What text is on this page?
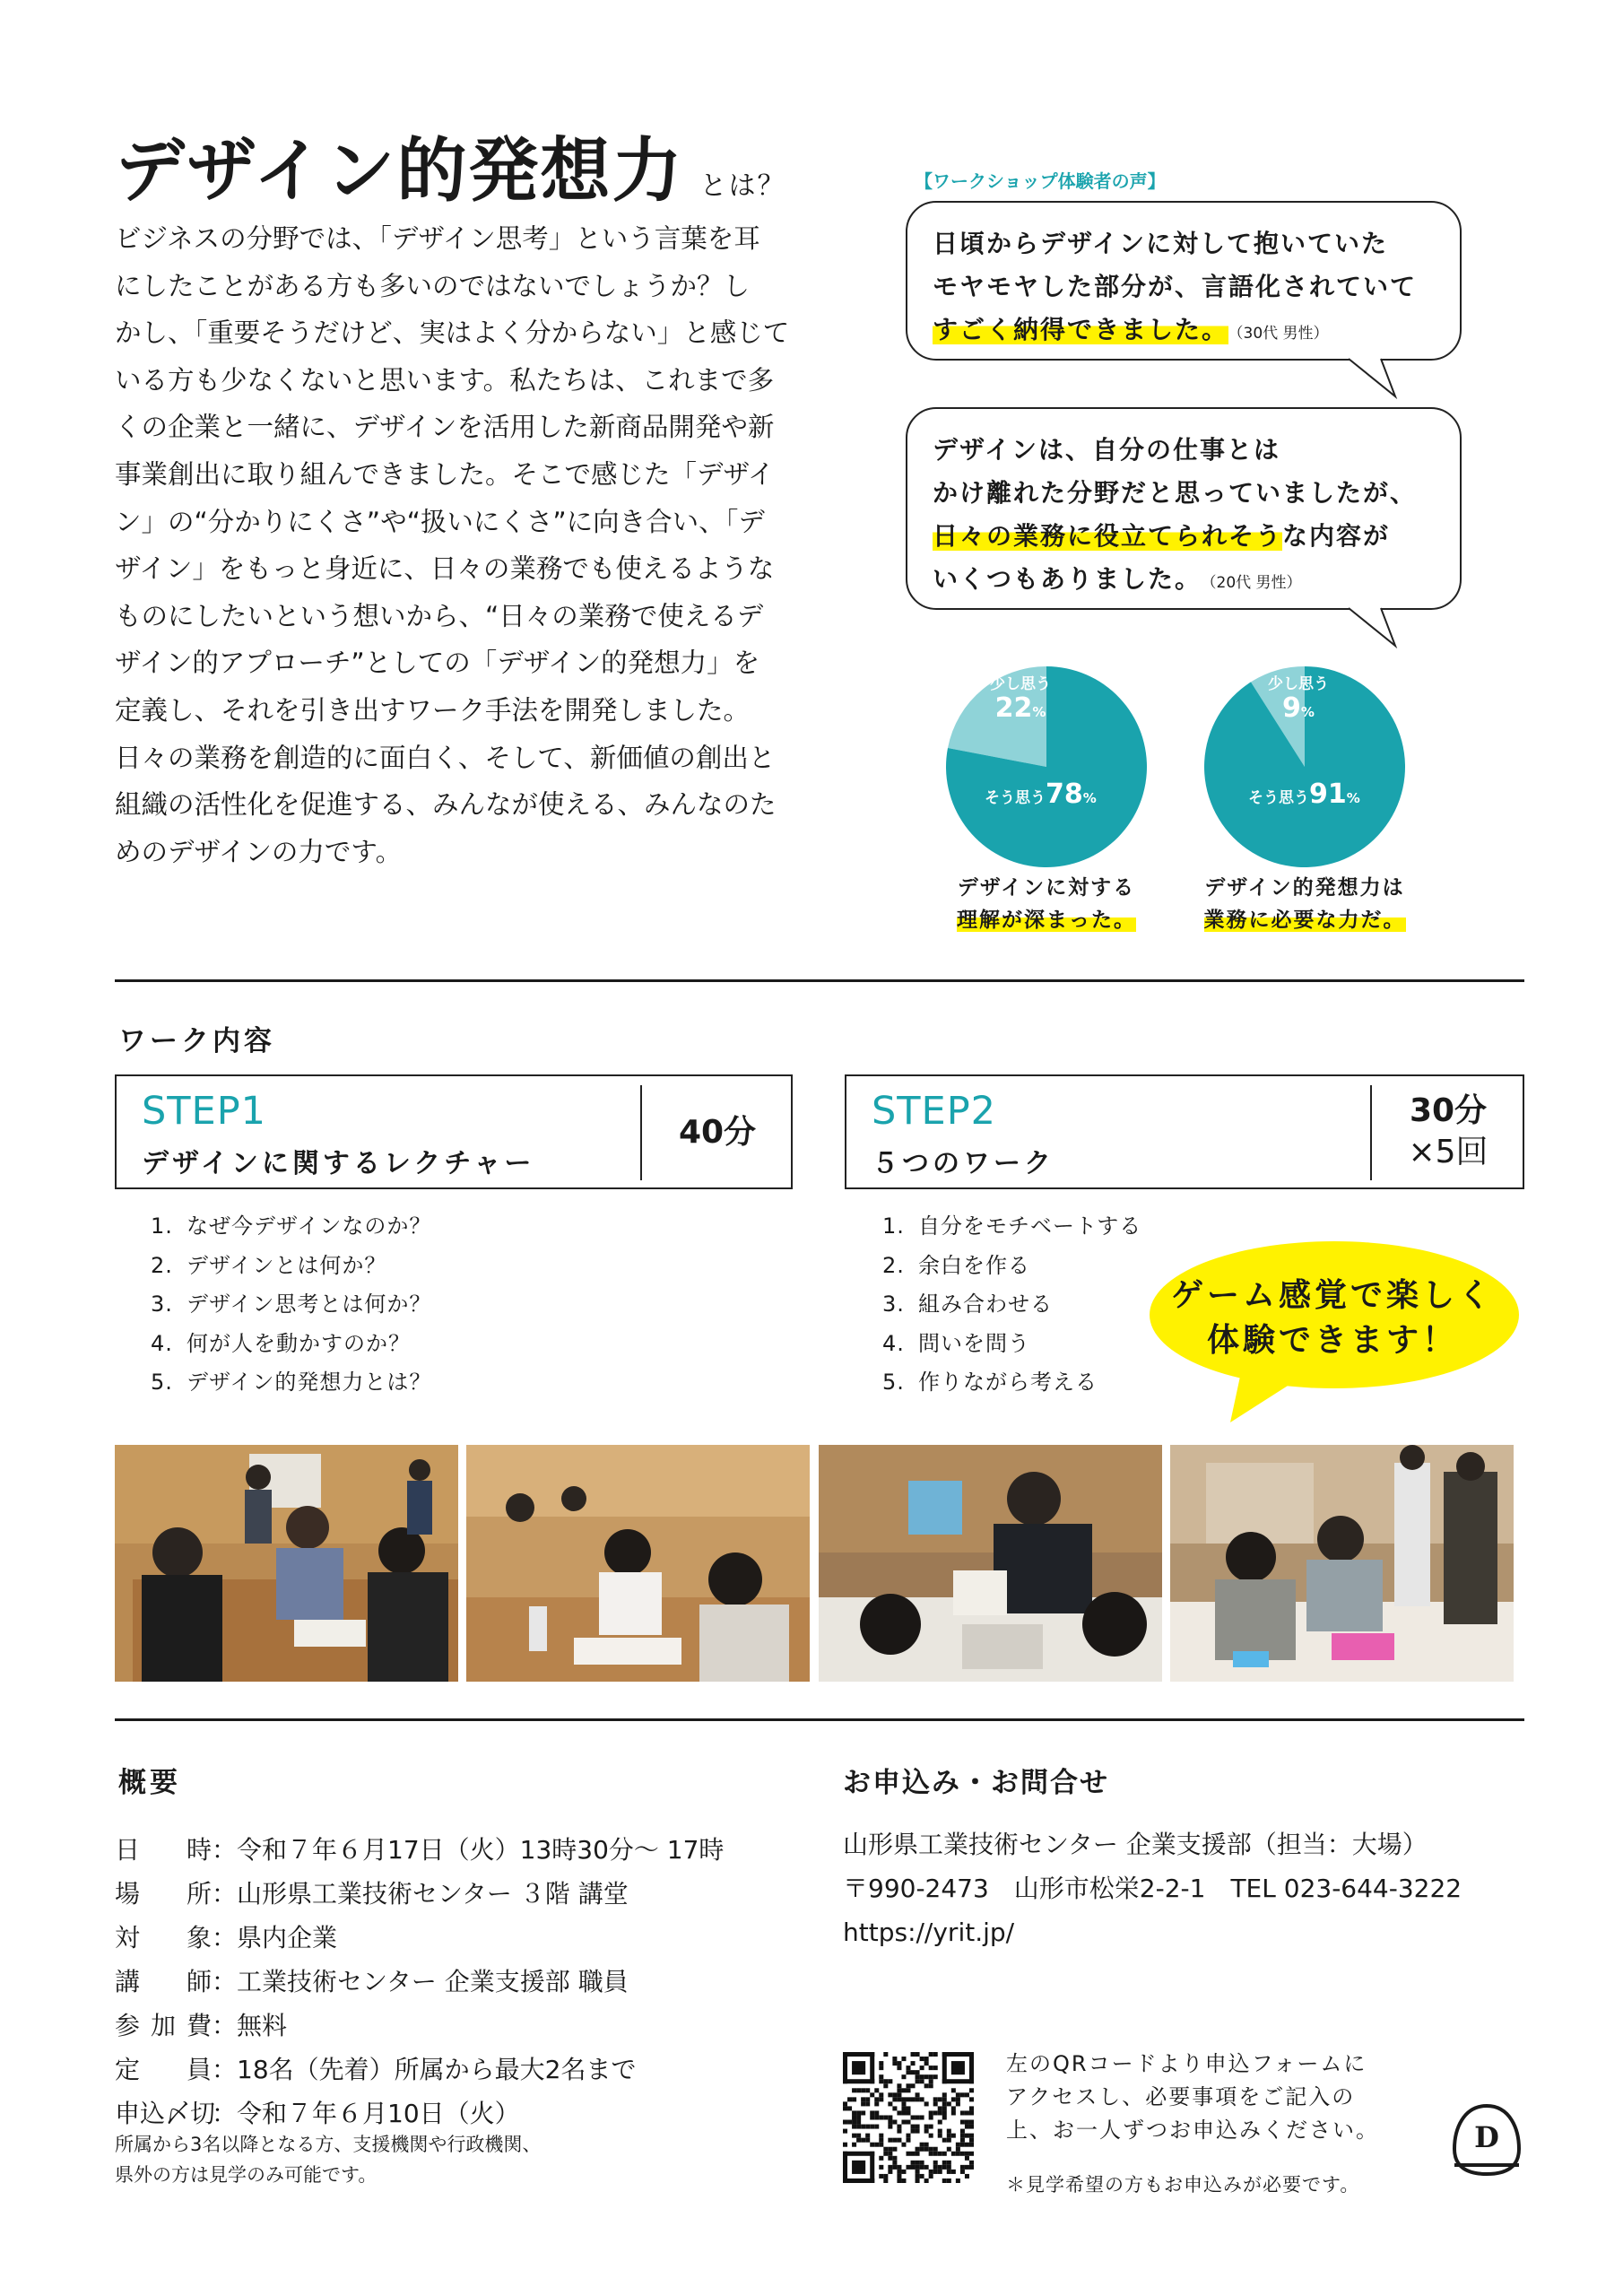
デザイン的発想力 とは？

ビジネスの分野では、「デザイン思考」という言葉を耳

にしたことがある方も多いのではないでしょうか？し

かし、「重要そうだけど、実はよく分からない」と感じて

いる方も少なくないと思います。私たちは、これまで多

くの企業と一緒に、デザインを活用した新商品開発や新

事業創出に取り組んできました。そこで感じた「デザイ

ン」の“分かりにくさ”や“扱いにくさ”に向き合い、「デ

ザイン」をもっと身近に、日々の業務でも使えるような

ものにしたいという想いから、“日々の業務で使えるデ

ザイン的アプローチ”としての「デザイン的発想力」を

定義し、それを引き出すワーク手法を開発しました。

日々の業務を創造的に面白く、そして、新価値の創出と

組織の活性化を促進する、みんなが使える、みんなのた

めのデザインの力です。

【ワークショップ体験者の声】

日頃からデザインに対して抱いていた

モヤモヤした部分が、言語化されていて

すごく納得できました。 （30代 男性）

デザインは、自分の仕事とは

かけ離れた分野だと思っていましたが、

日々の業務に役立てられそうな内容が

いくつもありました。 （20代 男性）

少し思う
22%
そう思う78%
少し思う
9%
そう思う91%
デザインに対する
理解が深まった。
デザイン的発想力は
業務に必要な力だ。
ワーク内容
STEP1
デザインに関するレクチャー
40分	STEP2
５つのワーク
30分
×5回
1. なぜ今デザインなのか？
2. デザインとは何か？
3. デザイン思考とは何か？
4. 何が人を動かすのか？
5. デザイン的発想力とは？
1. 自分をモチベートする
2. 余白を作る
3. 組み合わせる
4. 問いを問う
5. 作りながら考える
ゲーム感覚で楽しく
体験できます！
概要
日時：令和７年６月17日（火）13時30分～ 17時
場所：山形県工業技術センター ３階 講堂
対象：県内企業
講師：工業技術センター 企業支援部 職員
参加費：無料
定員：18名（先着）所属から最大2名まで
申込〆切：令和７年６月10日（火）

所属から3名以降となる方、支援機関や行政機関、

県外の方は見学のみ可能です。

お申込み・お問合せ

山形県工業技術センター 企業支援部（担当：大場）

〒990-2473　山形市松栄2-2-1　TEL 023-644-3222

https://yrit.jp/

左のQRコードより申込フォームに

アクセスし、必要事項をご記入の

上、お一人ずつお申込みください。

＊見学希望の方もお申込みが必要です。
D
